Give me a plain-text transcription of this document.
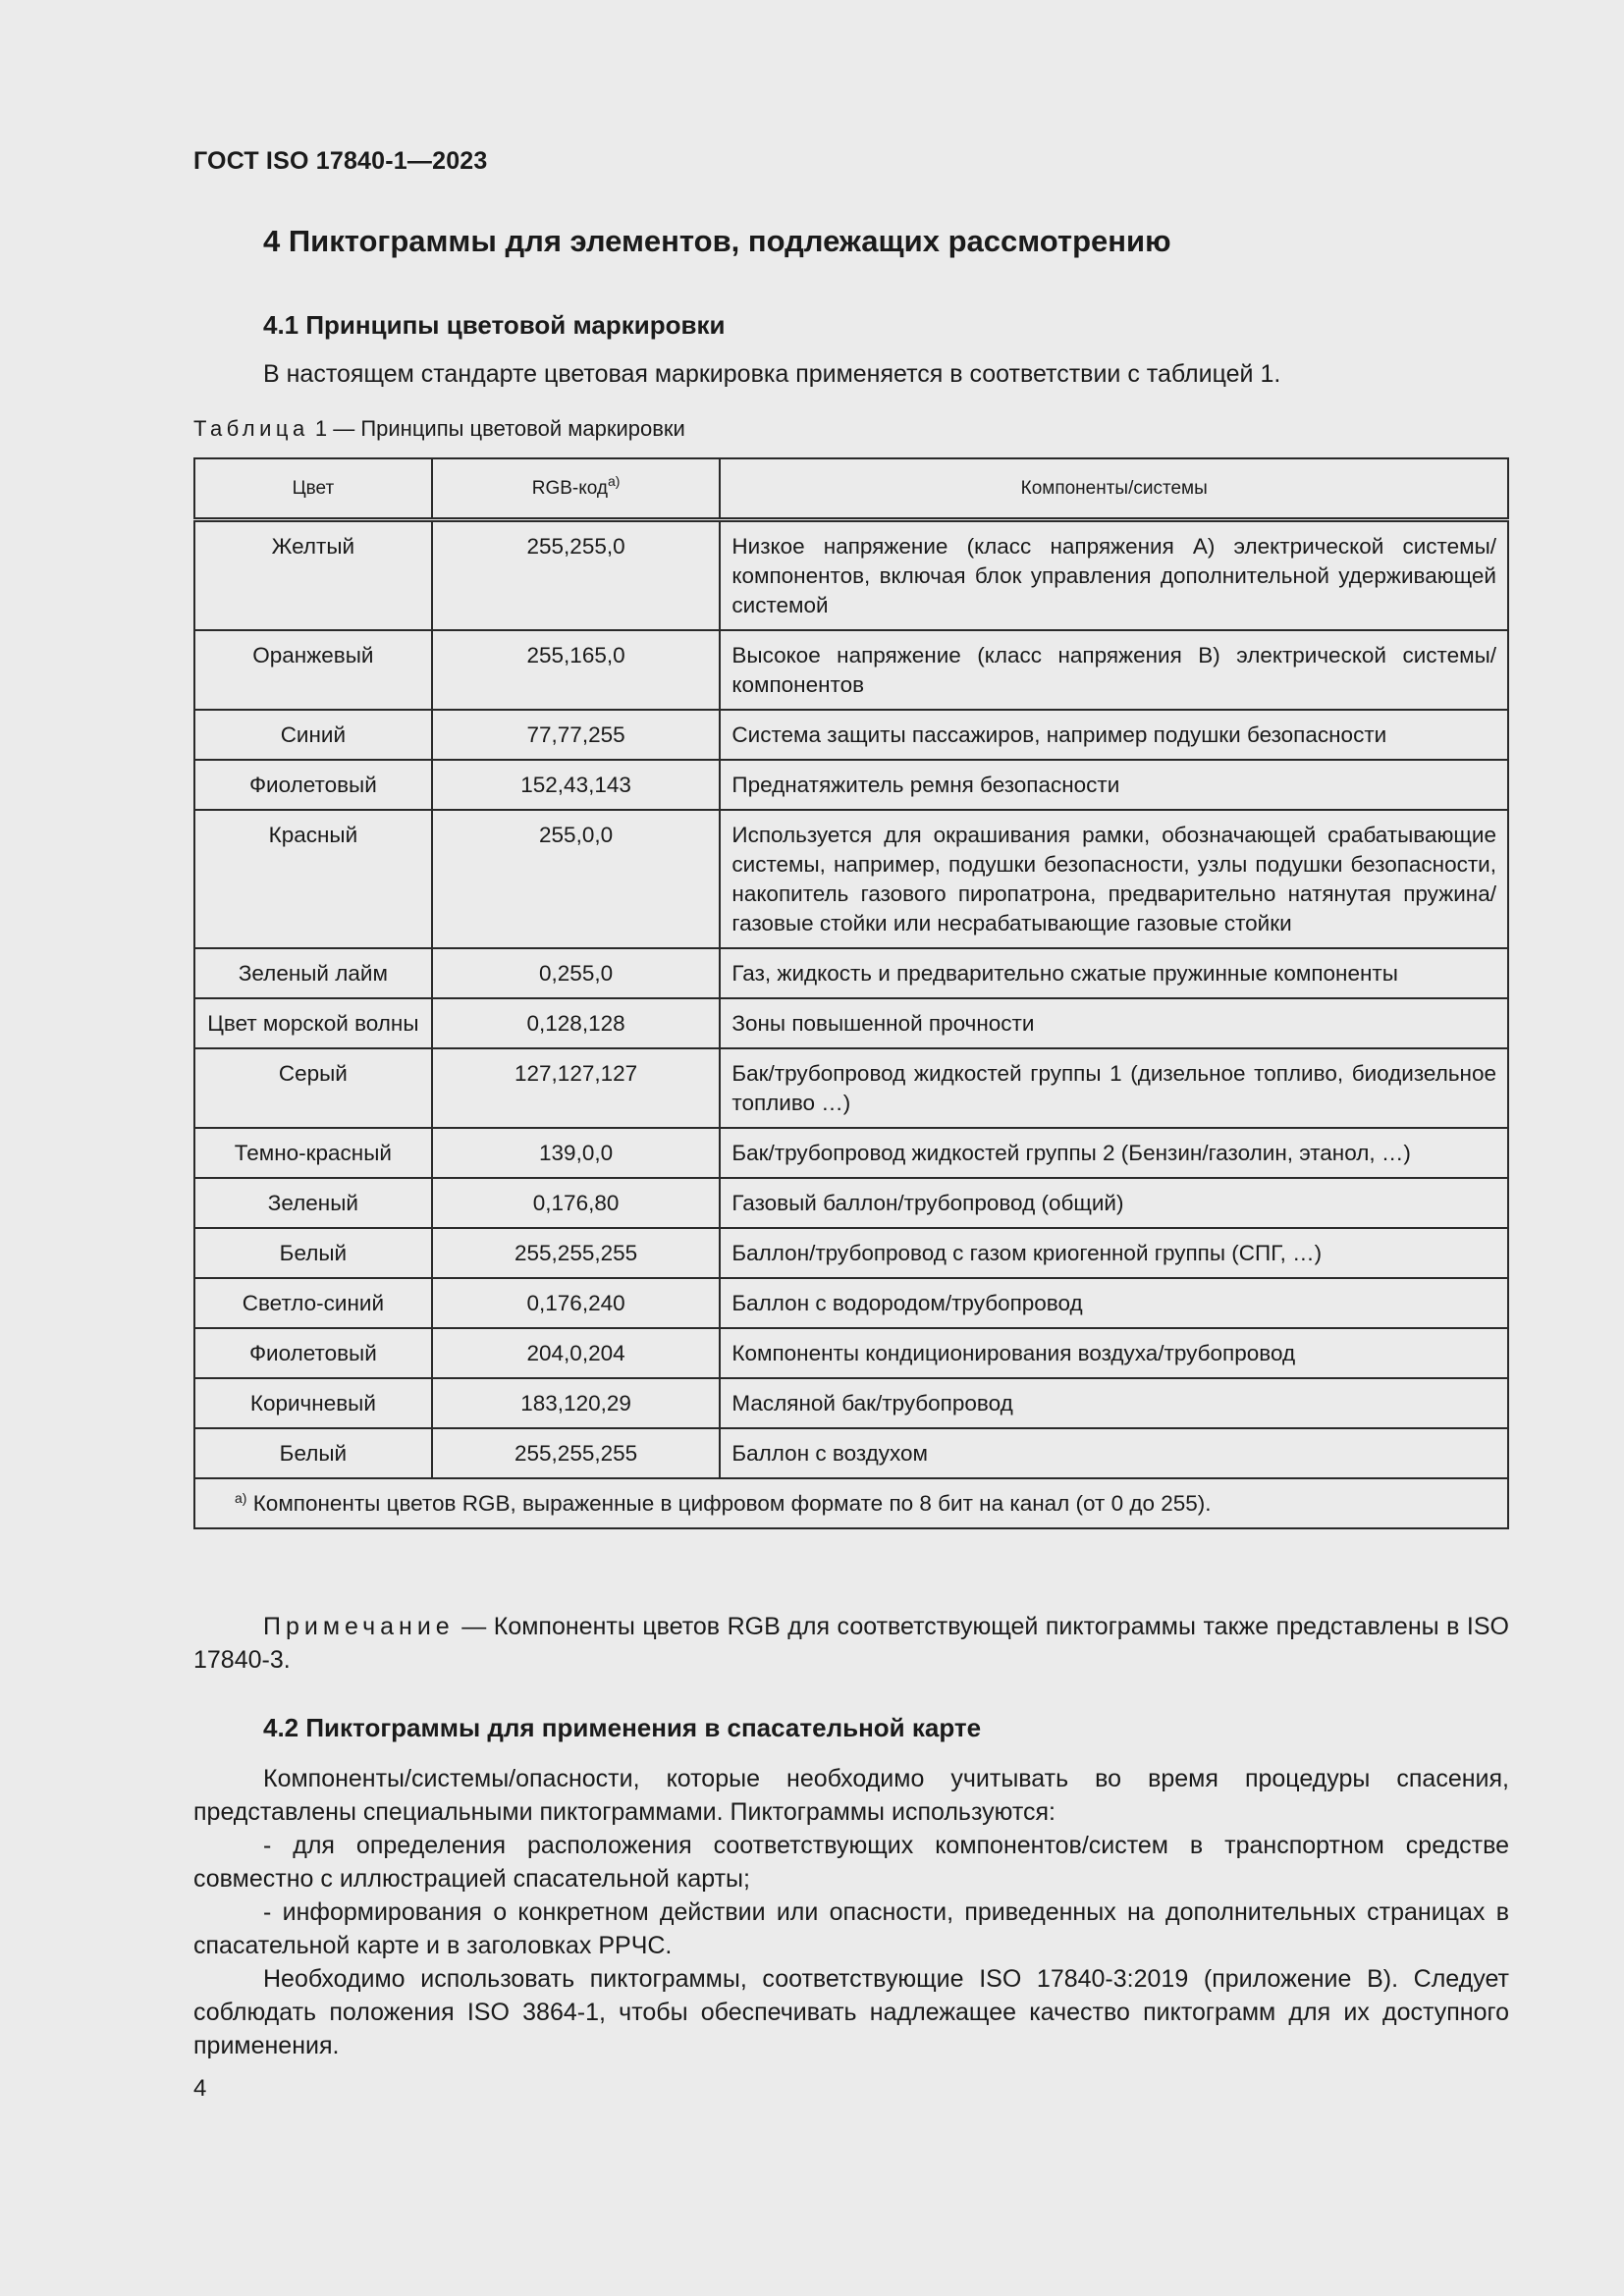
ГОСТ ISO 17840-1—2023
4 Пиктограммы для элементов, подлежащих рассмотрению
4.1 Принципы цветовой маркировки
В настоящем стандарте цветовая маркировка применяется в соответствии с таблицей 1.
Таблица 1 — Принципы цветовой маркировки
Цвет	RGB-код$^{а)}$	Компоненты/системы
Желтый	255,255,0	Низкое напряжение (класс напряжения А) электрической системы/компонентов, включая блок управления дополнительной удерживающей системой
Оранжевый	255,165,0	Высокое напряжение (класс напряжения В) электрической системы/компонентов
Синий	77,77,255	Система защиты пассажиров, например подушки безопасности
Фиолетовый	152,43,143	Преднатяжитель ремня безопасности
Красный	255,0,0	Используется для окрашивания рамки, обозначающей срабатывающие системы, например, подушки безопасности, узлы подушки безопасности, накопитель газового пиропатрона, предварительно натянутая пружина/газовые стойки или несрабатывающие газовые стойки
Зеленый лайм	0,255,0	Газ, жидкость и предварительно сжатые пружинные компоненты
Цвет морской волны	0,128,128	Зоны повышенной прочности
Серый	127,127,127	Бак/трубопровод жидкостей группы 1 (дизельное топливо, биодизельное топливо …)
Темно-красный	139,0,0	Бак/трубопровод жидкостей группы 2 (Бензин/газолин, этанол, …)
Зеленый	0,176,80	Газовый баллон/трубопровод (общий)
Белый	255,255,255	Баллон/трубопровод с газом криогенной группы (СПГ, …)
Светло-синий	0,176,240	Баллон с водородом/трубопровод
Фиолетовый	204,0,204	Компоненты кондиционирования воздуха/трубопровод
Коричневый	183,120,29	Масляной бак/трубопровод
Белый	255,255,255	Баллон с воздухом
$^{а)}$ Компоненты цветов RGB, выраженные в цифровом формате по 8 бит на канал (от 0 до 255).		
Примечание — Компоненты цветов RGB для соответствующей пиктограммы также представлены в ISO 17840-3.
4.2 Пиктограммы для применения в спасательной карте
Компоненты/системы/опасности, которые необходимо учитывать во время процедуры спасения, представлены специальными пиктограммами. Пиктограммы используются:
- для определения расположения соответствующих компонентов/систем в транспортном средстве совместно с иллюстрацией спасательной карты;
- информирования о конкретном действии или опасности, приведенных на дополнительных страницах в спасательной карте и в заголовках РРЧС.
Необходимо использовать пиктограммы, соответствующие ISO 17840-3:2019 (приложение В). Следует соблюдать положения ISO 3864-1, чтобы обеспечивать надлежащее качество пиктограмм для их доступного применения.
4
